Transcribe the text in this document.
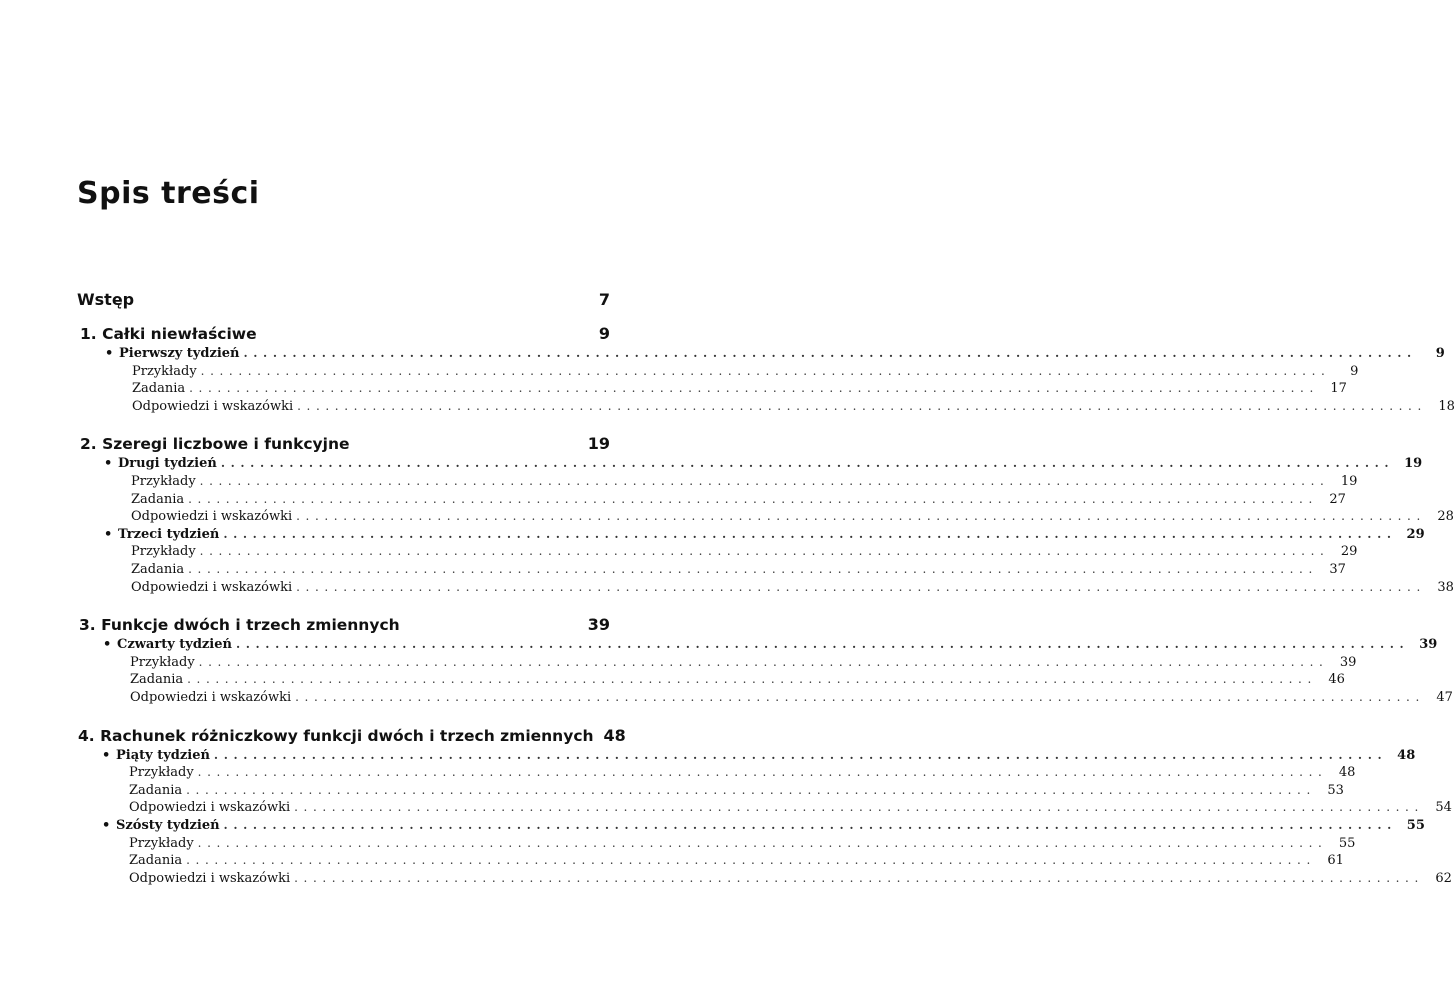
Spis treści
Wstęp	7
1. Całki niewłaściwe	9
• Pierwszy tydzień ........................................................................................................................	9
Przykłady ........................................................................................................................	9
Zadania ........................................................................................................................ 17
Odpowiedzi i wskazówki ........................................................................................................................ 18
2. Szeregi liczbowe i funkcyjne	19
• Drugi tydzień ........................................................................................................................ 19
Przykłady ........................................................................................................................ 19
Zadania ........................................................................................................................ 27
Odpowiedzi i wskazówki ........................................................................................................................ 28
• Trzeci tydzień ........................................................................................................................ 29
Przykłady ........................................................................................................................ 29
Zadania ........................................................................................................................ 37
Odpowiedzi i wskazówki ........................................................................................................................ 38
3. Funkcje dwóch i trzech zmiennych	39
• Czwarty tydzień ........................................................................................................................ 39
Przykłady ........................................................................................................................ 39
Zadania ........................................................................................................................ 46
Odpowiedzi i wskazówki ........................................................................................................................ 47
4. Rachunek różniczkowy funkcji dwóch i trzech zmiennych 48
• Piąty tydzień ........................................................................................................................ 48
Przykłady ........................................................................................................................ 48
Zadania ........................................................................................................................ 53
Odpowiedzi i wskazówki ........................................................................................................................ 54
• Szósty tydzień ........................................................................................................................ 55
Przykłady ........................................................................................................................ 55
Zadania ........................................................................................................................ 61
Odpowiedzi i wskazówki ........................................................................................................................ 62
